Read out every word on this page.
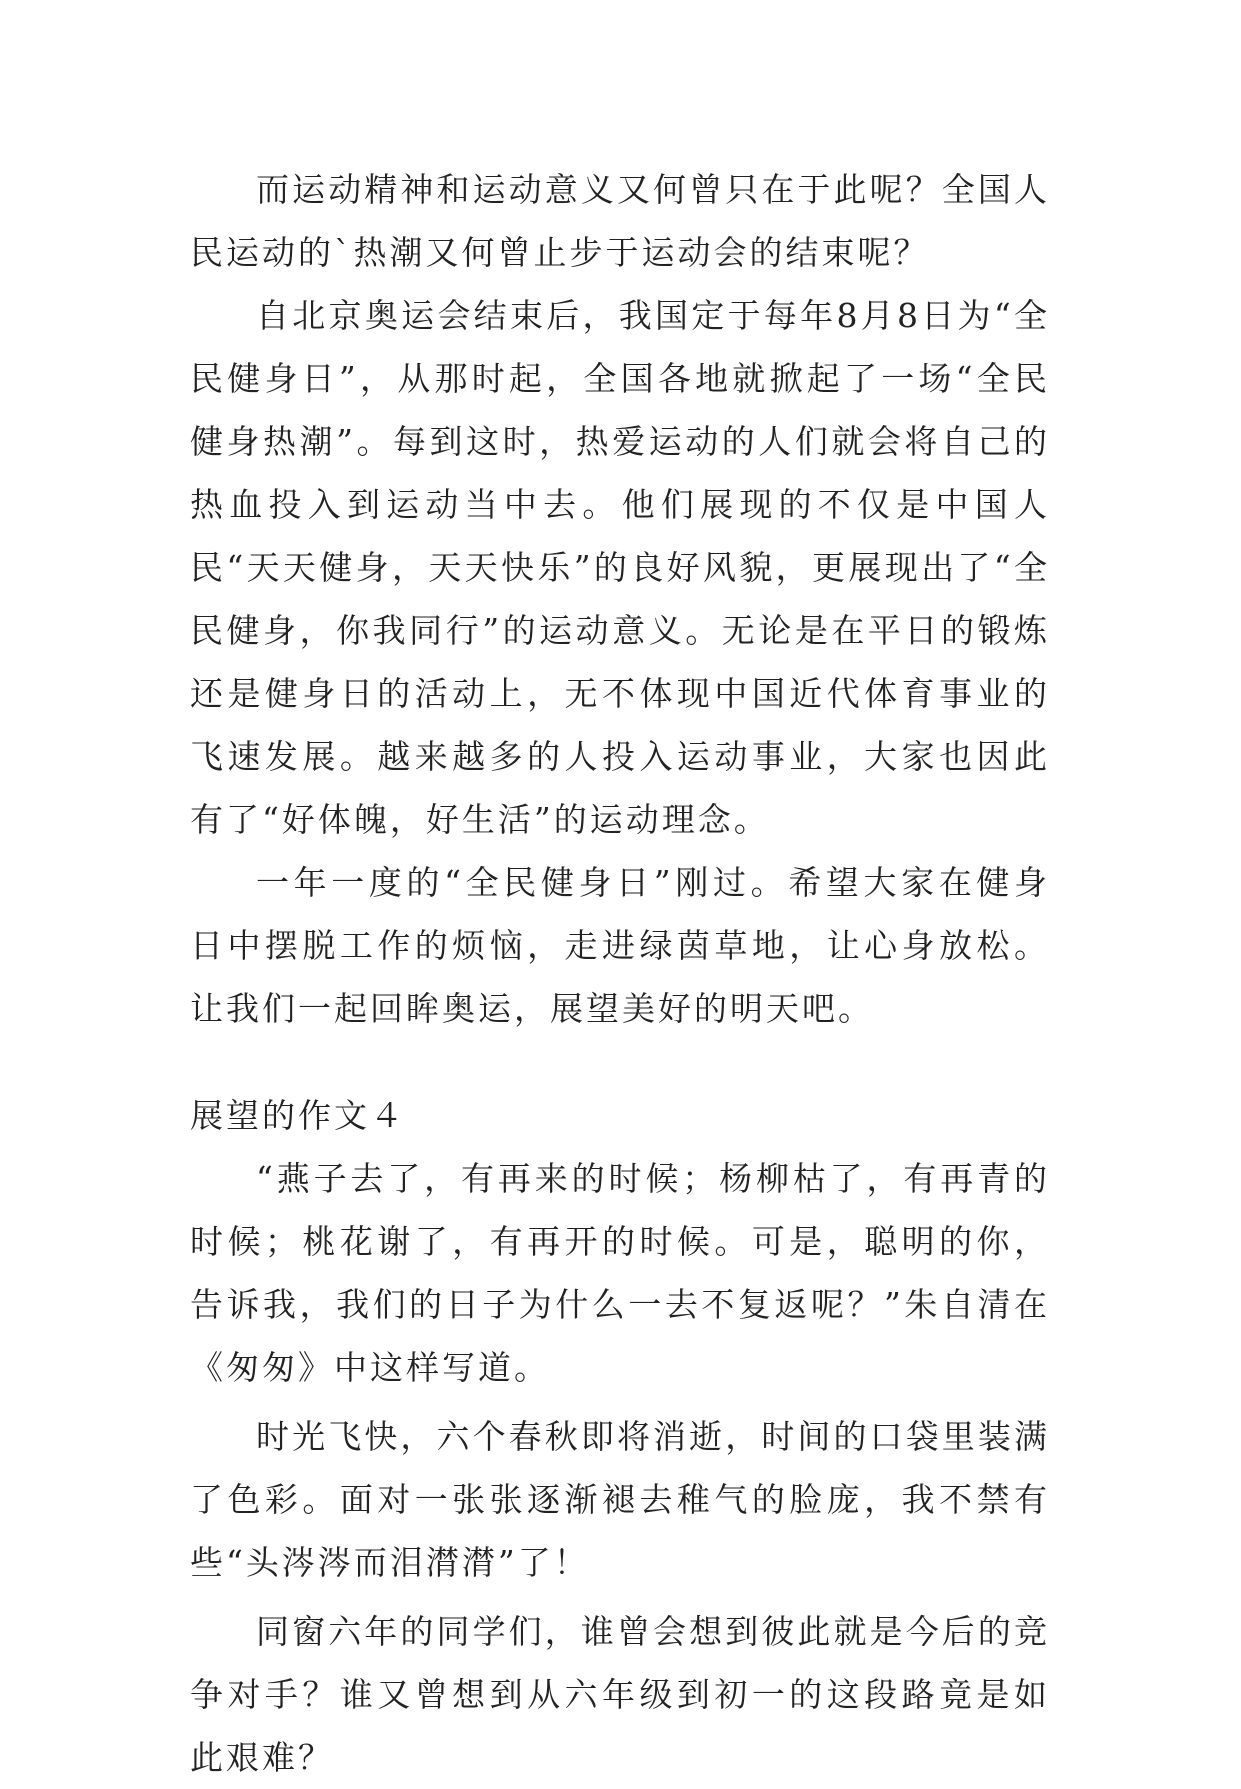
而运动精神和运动意义又何曾只在于此呢？全国人民运动的`热潮又何曾止步于运动会的结束呢？

自北京奥运会结束后，我国定于每年8月8日为“全民健身日”，从那时起，全国各地就掀起了一场“全民健身热潮”。每到这时，热爱运动的人们就会将自己的热血投入到运动当中去。他们展现的不仅是中国人民“天天健身，天天快乐”的良好风貌，更展现出了“全民健身，你我同行”的运动意义。无论是在平日的锻炼还是健身日的活动上，无不体现中国近代体育事业的飞速发展。越来越多的人投入运动事业，大家也因此有了“好体魄，好生活”的运动理念。

一年一度的“全民健身日”刚过。希望大家在健身日中摆脱工作的烦恼，走进绿茵草地，让心身放松。让我们一起回眸奥运，展望美好的明天吧。

展望的作文４

“燕子去了，有再来的时候；杨柳枯了，有再青的时候；桃花谢了，有再开的时候。可是，聪明的你，告诉我，我们的日子为什么一去不复返呢？”朱自清在《匆匆》中这样写道。

时光飞快，六个春秋即将消逝，时间的口袋里装满了色彩。面对一张张逐渐褪去稚气的脸庞，我不禁有些“头涔涔而泪潸潸”了！

同窗六年的同学们，谁曾会想到彼此就是今后的竞争对手？谁又曾想到从六年级到初一的这段路竟是如此艰难？
